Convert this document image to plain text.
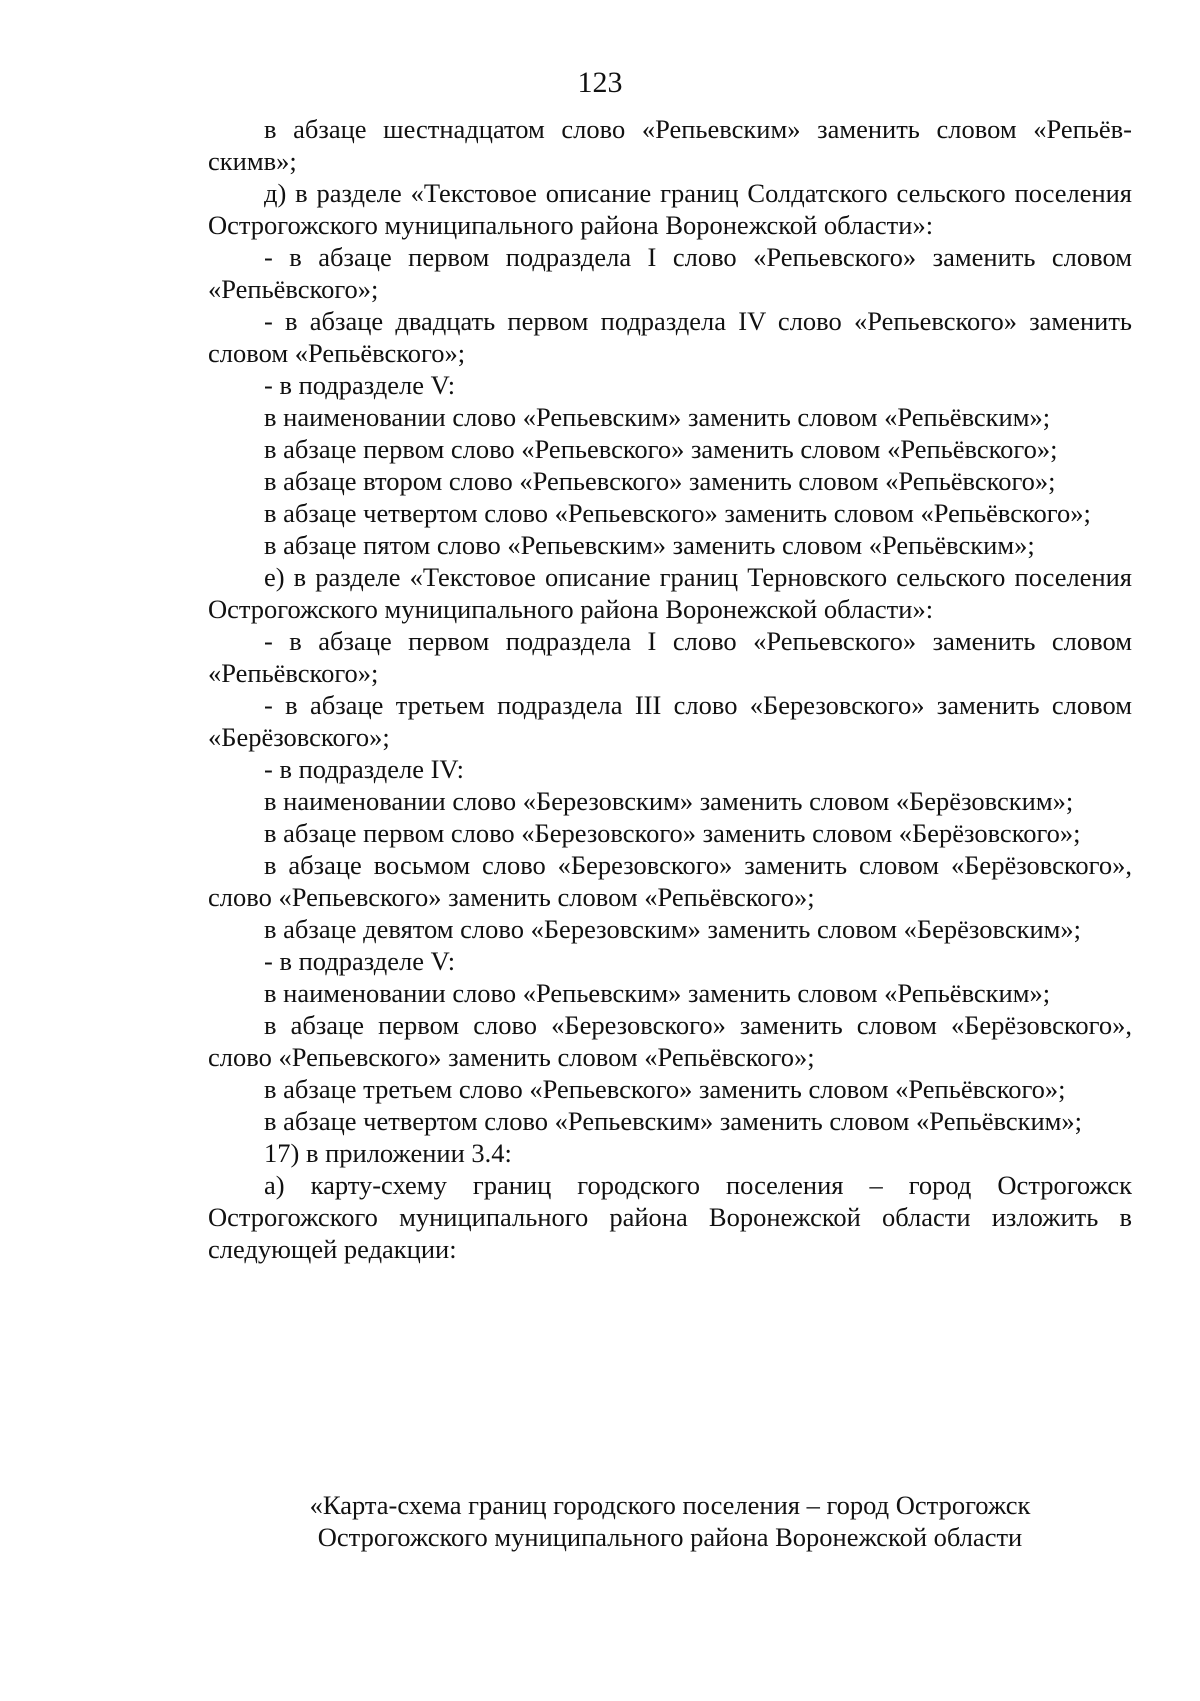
123

в абзаце шестнадцатом слово «Репьевским» заменить словом «Репьёв-скимв»;

д) в разделе «Текстовое описание границ Солдатского сельского поселения Острогожского муниципального района Воронежской области»:

- в абзаце первом подраздела I слово «Репьевского» заменить словом «Репьёвского»;

- в абзаце двадцать первом подраздела IV слово «Репьевского» заменить словом «Репьёвского»;

- в подразделе V:

в наименовании слово «Репьевским» заменить словом «Репьёвским»;

в абзаце первом слово «Репьевского» заменить словом «Репьёвского»;

в абзаце втором слово «Репьевского» заменить словом «Репьёвского»;

в абзаце четвертом слово «Репьевского» заменить словом «Репьёвского»;

в абзаце пятом слово «Репьевским» заменить словом «Репьёвским»;

е) в разделе «Текстовое описание границ Терновского сельского поселения Острогожского муниципального района Воронежской области»:

- в абзаце первом подраздела I слово «Репьевского» заменить словом «Репьёвского»;

- в абзаце третьем подраздела III слово «Березовского» заменить словом «Берёзовского»;

- в подразделе IV:

в наименовании слово «Березовским» заменить словом «Берёзовским»;

в абзаце первом слово «Березовского» заменить словом «Берёзовского»;

в абзаце восьмом слово «Березовского» заменить словом «Берёзовского», слово «Репьевского» заменить словом «Репьёвского»;

в абзаце девятом слово «Березовским» заменить словом «Берёзовским»;

- в подразделе V:

в наименовании слово «Репьевским» заменить словом «Репьёвским»;

в абзаце первом слово «Березовского» заменить словом «Берёзовского», слово «Репьевского» заменить словом «Репьёвского»;

в абзаце третьем слово «Репьевского» заменить словом «Репьёвского»;

в абзаце четвертом слово «Репьевским» заменить словом «Репьёвским»;

17) в приложении 3.4:

а) карту-схему границ городского поселения – город Острогожск Острогожского муниципального района Воронежской области изложить в следующей редакции:

«Карта-схема границ городского поселения – город Острогожск

Острогожского муниципального района Воронежской области
